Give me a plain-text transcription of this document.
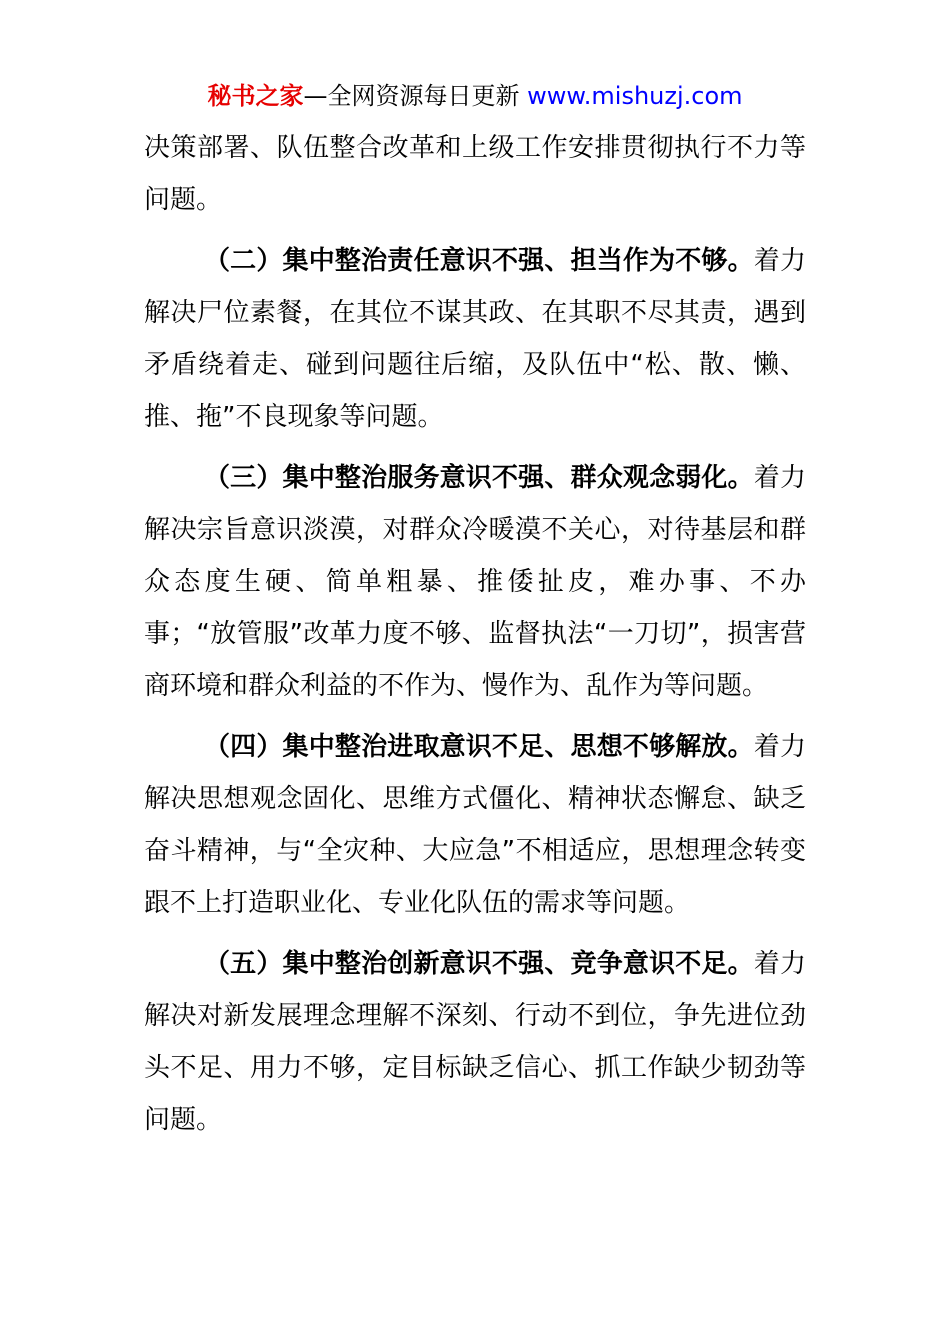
秘书之家—全网资源每日更新 www.mishuzj.com

决策部署、队伍整合改革和上级工作安排贯彻执行不力等问题。

（二）集中整治责任意识不强、担当作为不够。着力解决尸位素餐，在其位不谋其政、在其职不尽其责，遇到矛盾绕着走、碰到问题往后缩，及队伍中“松、散、懒、推、拖”不良现象等问题。

（三）集中整治服务意识不强、群众观念弱化。着力解决宗旨意识淡漠，对群众冷暖漠不关心，对待基层和群众态度生硬、简单粗暴、推倭扯皮，难办事、不办事；“放管服”改革力度不够、监督执法“一刀切”，损害营商环境和群众利益的不作为、慢作为、乱作为等问题。

（四）集中整治进取意识不足、思想不够解放。着力解决思想观念固化、思维方式僵化、精神状态懈怠、缺乏奋斗精神，与“全灾种、大应急”不相适应，思想理念转变跟不上打造职业化、专业化队伍的需求等问题。

（五）集中整治创新意识不强、竞争意识不足。着力解决对新发展理念理解不深刻、行动不到位，争先进位劲头不足、用力不够，定目标缺乏信心、抓工作缺少韧劲等问题。
